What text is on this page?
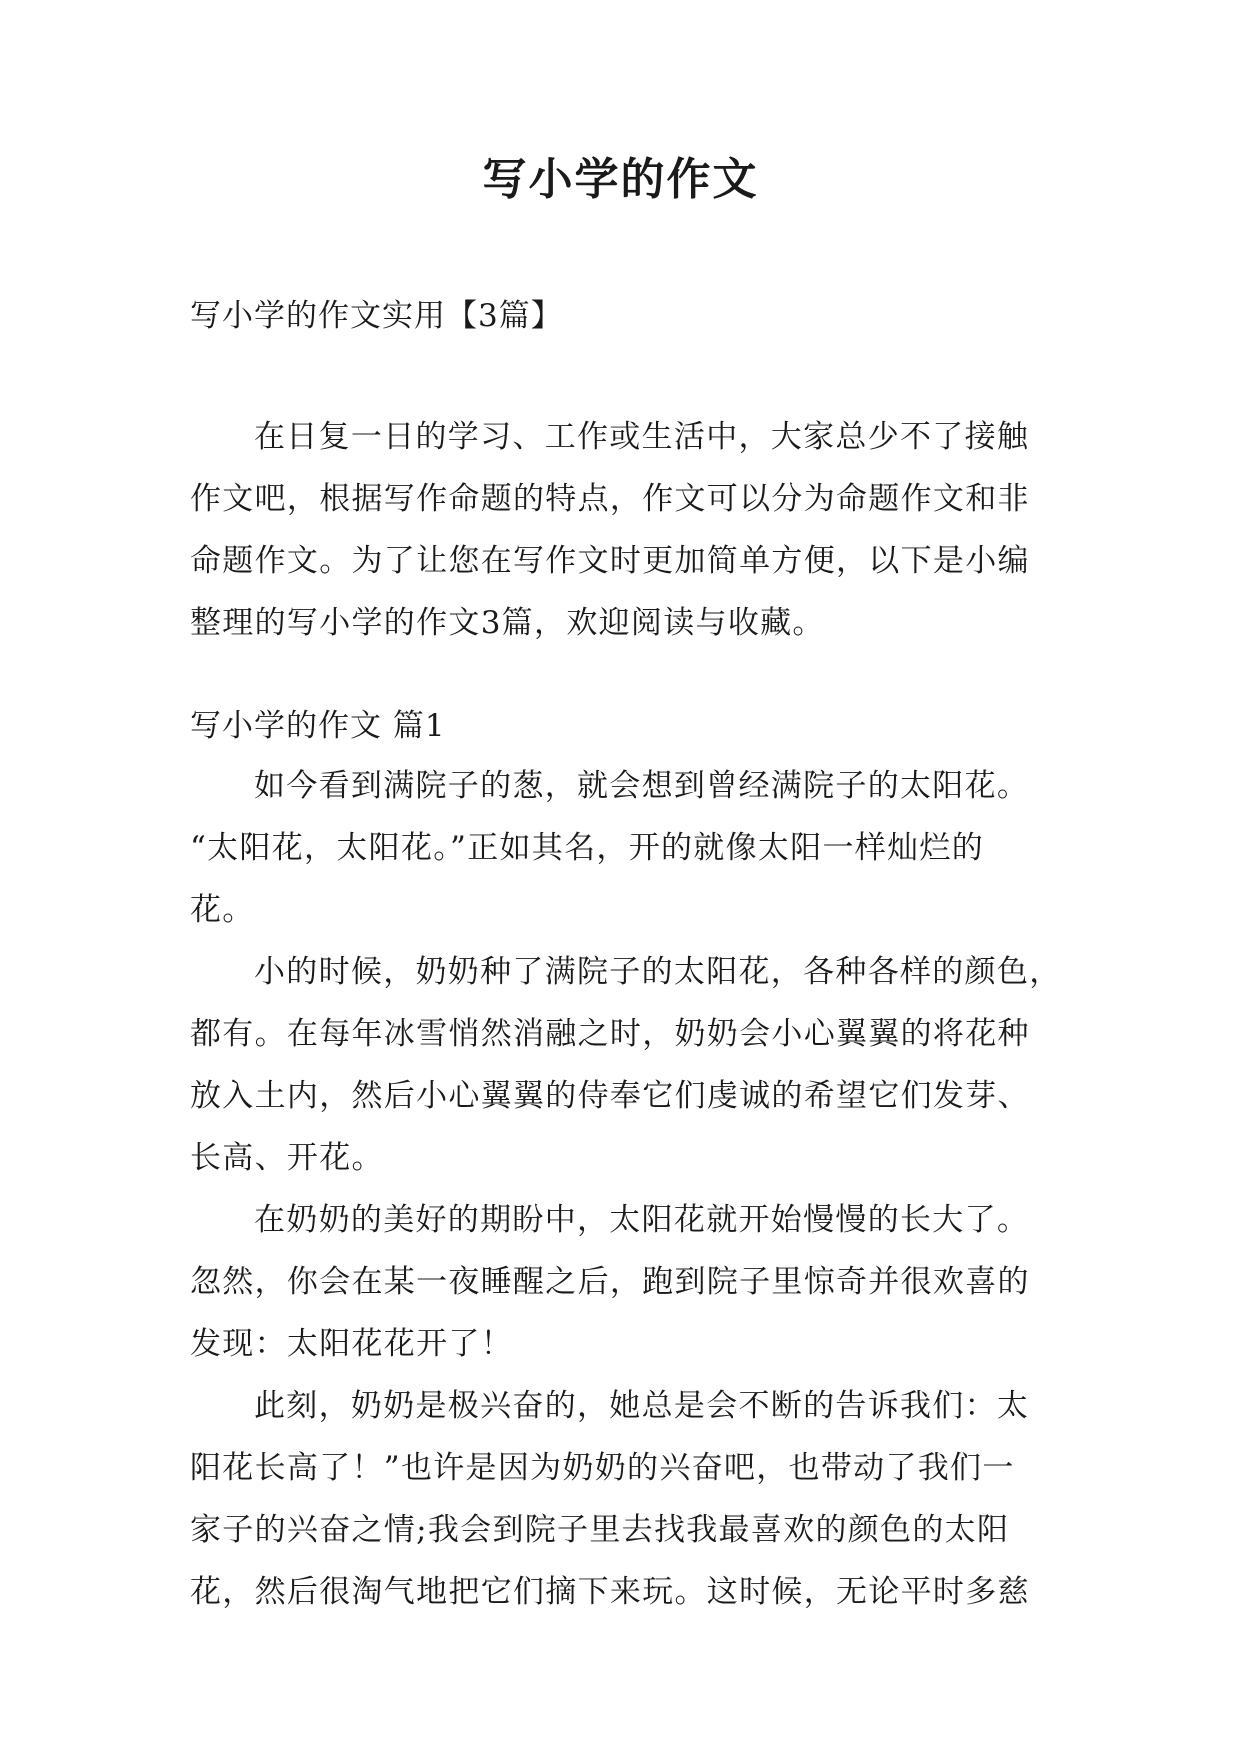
写小学的作文
写小学的作文实用【3篇】
在日复一日的学习、工作或生活中，大家总少不了接触
作文吧，根据写作命题的特点，作文可以分为命题作文和非
命题作文。为了让您在写作文时更加简单方便，以下是小编
整理的写小学的作文3篇，欢迎阅读与收藏。
写小学的作文 篇1
如今看到满院子的葱，就会想到曾经满院子的太阳花。
“太阳花，太阳花。”正如其名，开的就像太阳一样灿烂的
花。
小的时候，奶奶种了满院子的太阳花，各种各样的颜色，
都有。在每年冰雪悄然消融之时，奶奶会小心翼翼的将花种
放入土内，然后小心翼翼的侍奉它们虔诚的希望它们发芽、
长高、开花。
在奶奶的美好的期盼中，太阳花就开始慢慢的长大了。
忽然，你会在某一夜睡醒之后，跑到院子里惊奇并很欢喜的
发现：太阳花花开了！
此刻，奶奶是极兴奋的，她总是会不断的告诉我们：太
阳花长高了！”也许是因为奶奶的兴奋吧，也带动了我们一
家子的兴奋之情;我会到院子里去找我最喜欢的颜色的太阳
花，然后很淘气地把它们摘下来玩。这时候，无论平时多慈
